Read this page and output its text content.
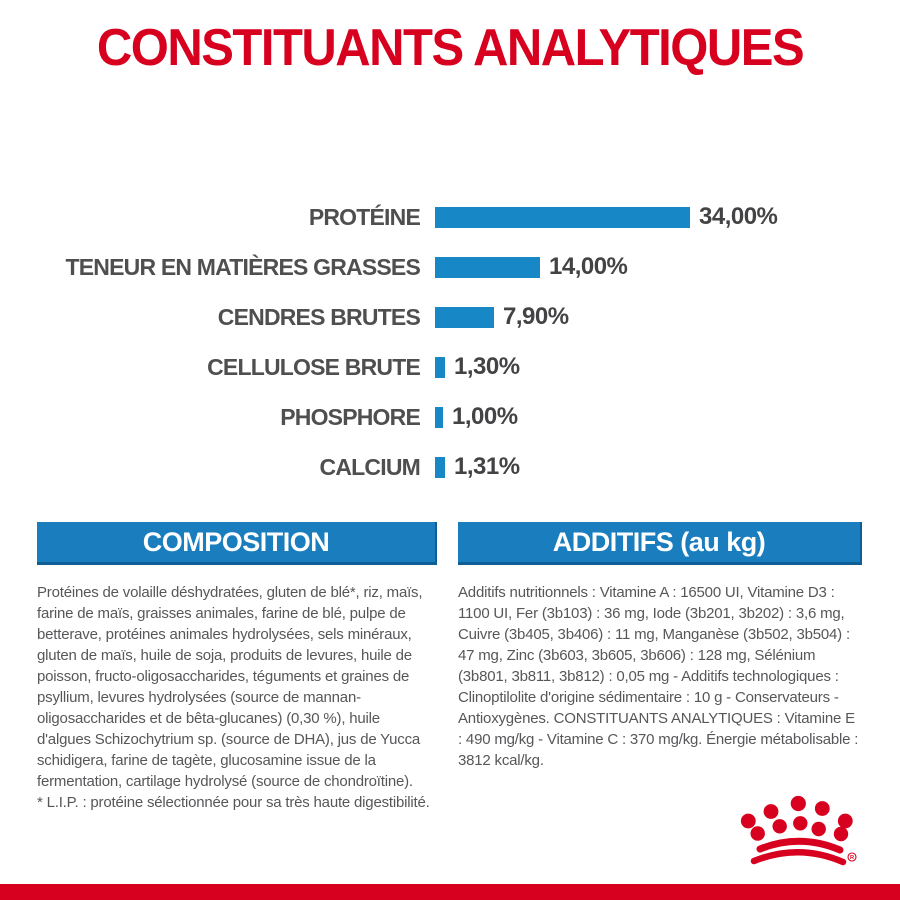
CONSTITUANTS ANALYTIQUES
PROTÉINE	34,00%
TENEUR EN MATIÈRES GRASSES	14,00%
CENDRES BRUTES	7,90%
CELLULOSE BRUTE	1,30%
PHOSPHORE	1,00%
CALCIUM	1,31%
COMPOSITION

Protéines de volaille déshydratées, gluten de blé*, riz, maïs, farine de maïs, graisses animales, farine de blé, pulpe de betterave, protéines animales hydrolysées, sels minéraux, gluten de maïs, huile de soja, produits de levures, huile de poisson, fructo-oligosaccharides, téguments et graines de psyllium, levures hydrolysées (source de mannan-oligosaccharides et de bêta-glucanes) (0,30 %), huile d'algues Schizochytrium sp. (source de DHA), jus de Yucca schidigera, farine de tagète, glucosamine issue de la fermentation, cartilage hydrolysé (source de chondroïtine).

* L.I.P. : protéine sélectionnée pour sa très haute digestibilité.

ADDITIFS (au kg)

Additifs nutritionnels : Vitamine A : 16500 UI, Vitamine D3 : 1100 UI, Fer (3b103) : 36 mg, Iode (3b201, 3b202) : 3,6 mg, Cuivre (3b405, 3b406) : 11 mg, Manganèse (3b502, 3b504) : 47 mg, Zinc (3b603, 3b605, 3b606) : 128 mg, Sélénium (3b801, 3b811, 3b812) : 0,05 mg - Additifs technologiques : Clinoptilolite d'origine sédimentaire : 10 g - Conservateurs - Antioxygènes. CONSTITUANTS ANALYTIQUES : Vitamine E : 490 mg/kg - Vitamine C : 370 mg/kg. Énergie métabolisable : 3812 kcal/kg.

R
